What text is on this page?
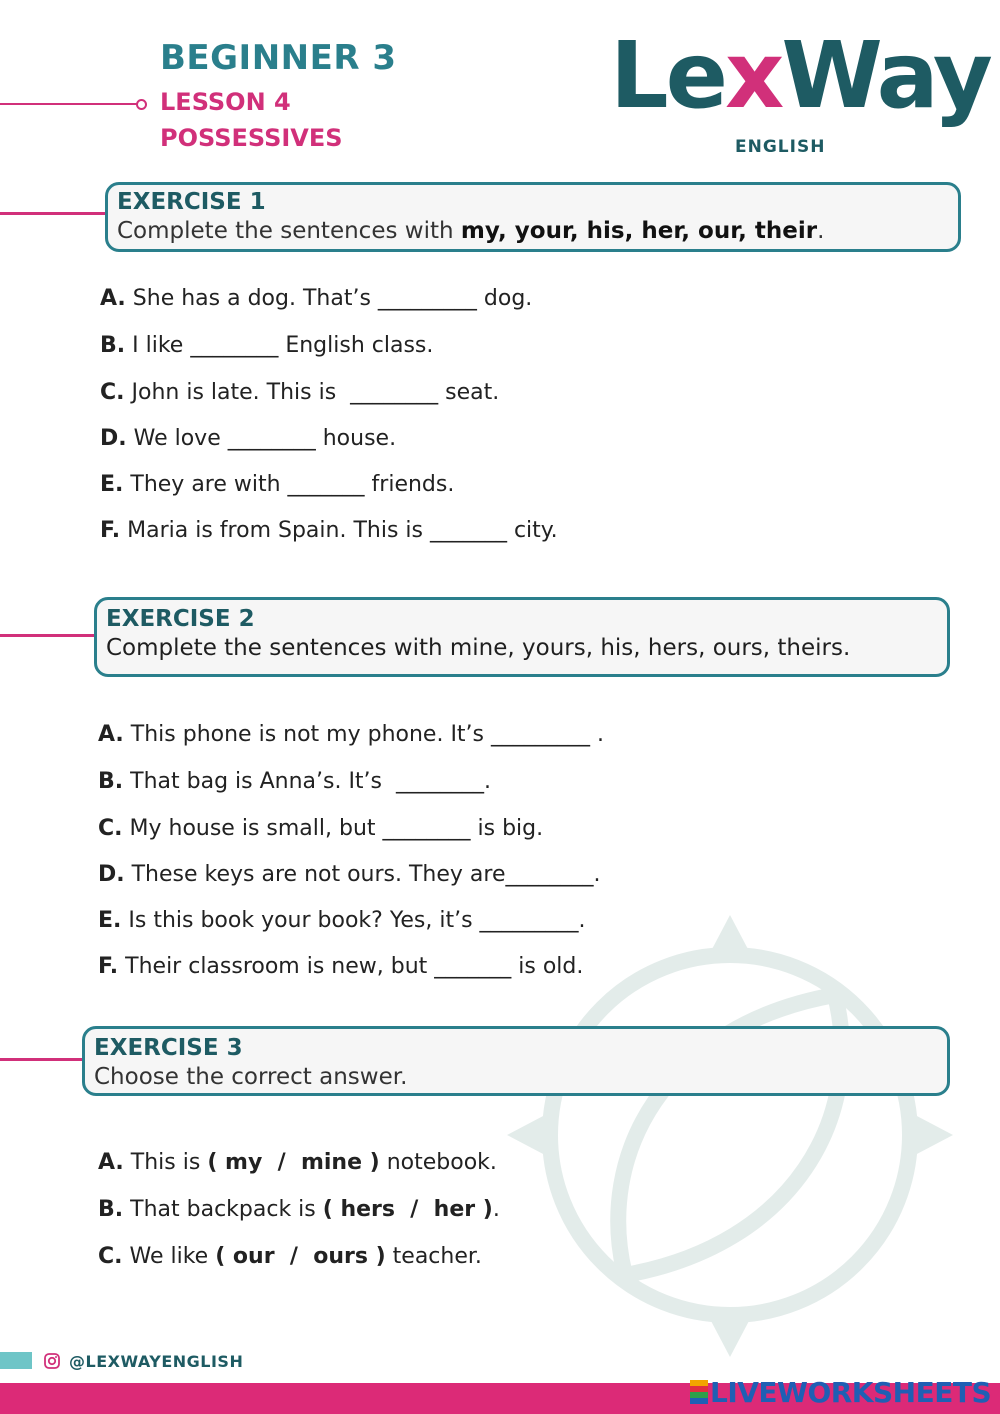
BEGINNER 3
LESSON 4
POSSESSIVES
LexWay
ENGLISH
EXERCISE 1
Complete the sentences with my, your, his, her, our, their.
A. She has a dog. That’s _________ dog.
B. I like ________ English class.
C. John is late. This is  ________ seat.
D. We love ________ house.
E. They are with _______ friends.
F. Maria is from Spain. This is _______ city.
EXERCISE 2
Complete the sentences with mine, yours, his, hers, ours, theirs.
A. This phone is not my phone. It’s _________ .
B. That bag is Anna’s. It’s  ________.
C. My house is small, but ________ is big.
D. These keys are not ours. They are________.
E. Is this book your book? Yes, it’s _________.
F. Their classroom is new, but _______ is old.
EXERCISE 3
Choose the correct answer.
A. This is ( my  /  mine ) notebook.
B. That backpack is ( hers  /  her ).
C. We like ( our  /  ours ) teacher.
@LEXWAYENGLISH
LIVEWORKSHEETS
